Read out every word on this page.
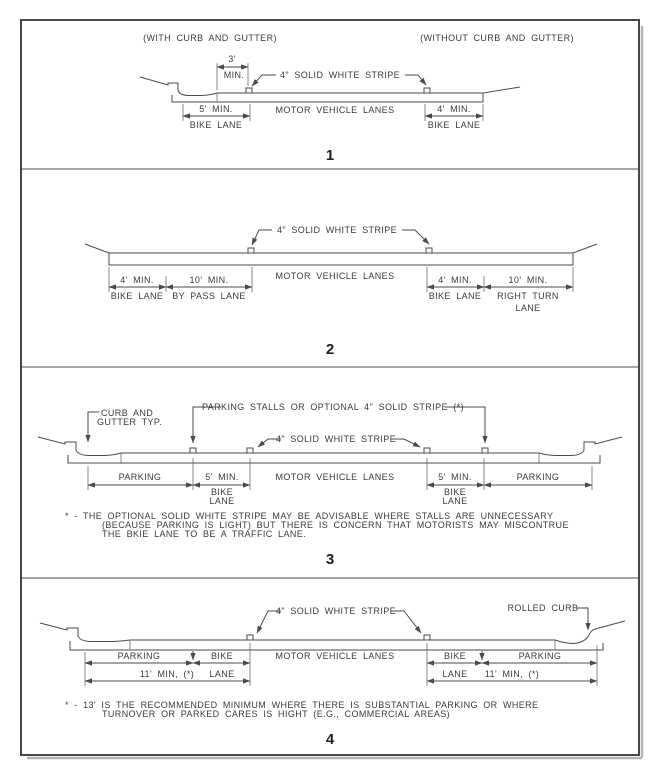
(WITH CURB AND GUTTER)	(WITHOUT CURB AND GUTTER)
3'
MIN.	4" SOLID WHITE STRIPE
5' MIN.
BIKE LANE
MOTOR VEHICLE LANES	4' MIN.
BIKE LANE
1
4" SOLID WHITE STRIPE
4' MIN.	10' MIN.
BIKE LANE BY PASS LANE
MOTOR VEHICLE LANES	4' MIN.	10' MIN.
BIKE LANE RIGHT TURN
LANE
2
PARKING STALLS OR OPTIONAL 4" SOLID STRIPE (*)
CURB AND
GUTTER TYP.
4" SOLID WHITE STRIPE
PARKING	5' MIN.
BIKE
LANE
MOTOR VEHICLE LANES	5' MIN.
BIKE
LANE
PARKING
* - THE OPTIONAL SOLID WHITE STRIPE MAY BE ADVISABLE WHERE STALLS ARE UNNECESSARY
(BECAUSE PARKING IS LIGHT) BUT THERE IS CONCERN THAT MOTORISTS MAY MISCONTRUE
THE BKIE LANE TO BE A TRAFFIC LANE.
3
4" SOLID WHITE STRIPE	ROLLED CURB
PARKING	BIKE	MOTOR VEHICLE LANES	BIKE	PARKING
11' MIN, (*) LANE	LANE 11' MIN, (*)
* - 13' IS THE RECOMMENDED MINIMUM WHERE THERE IS SUBSTANTIAL PARKING OR WHERE
TURNOVER OR PARKED CARES IS HIGHT (E.G., COMMERCIAL AREAS)
4
